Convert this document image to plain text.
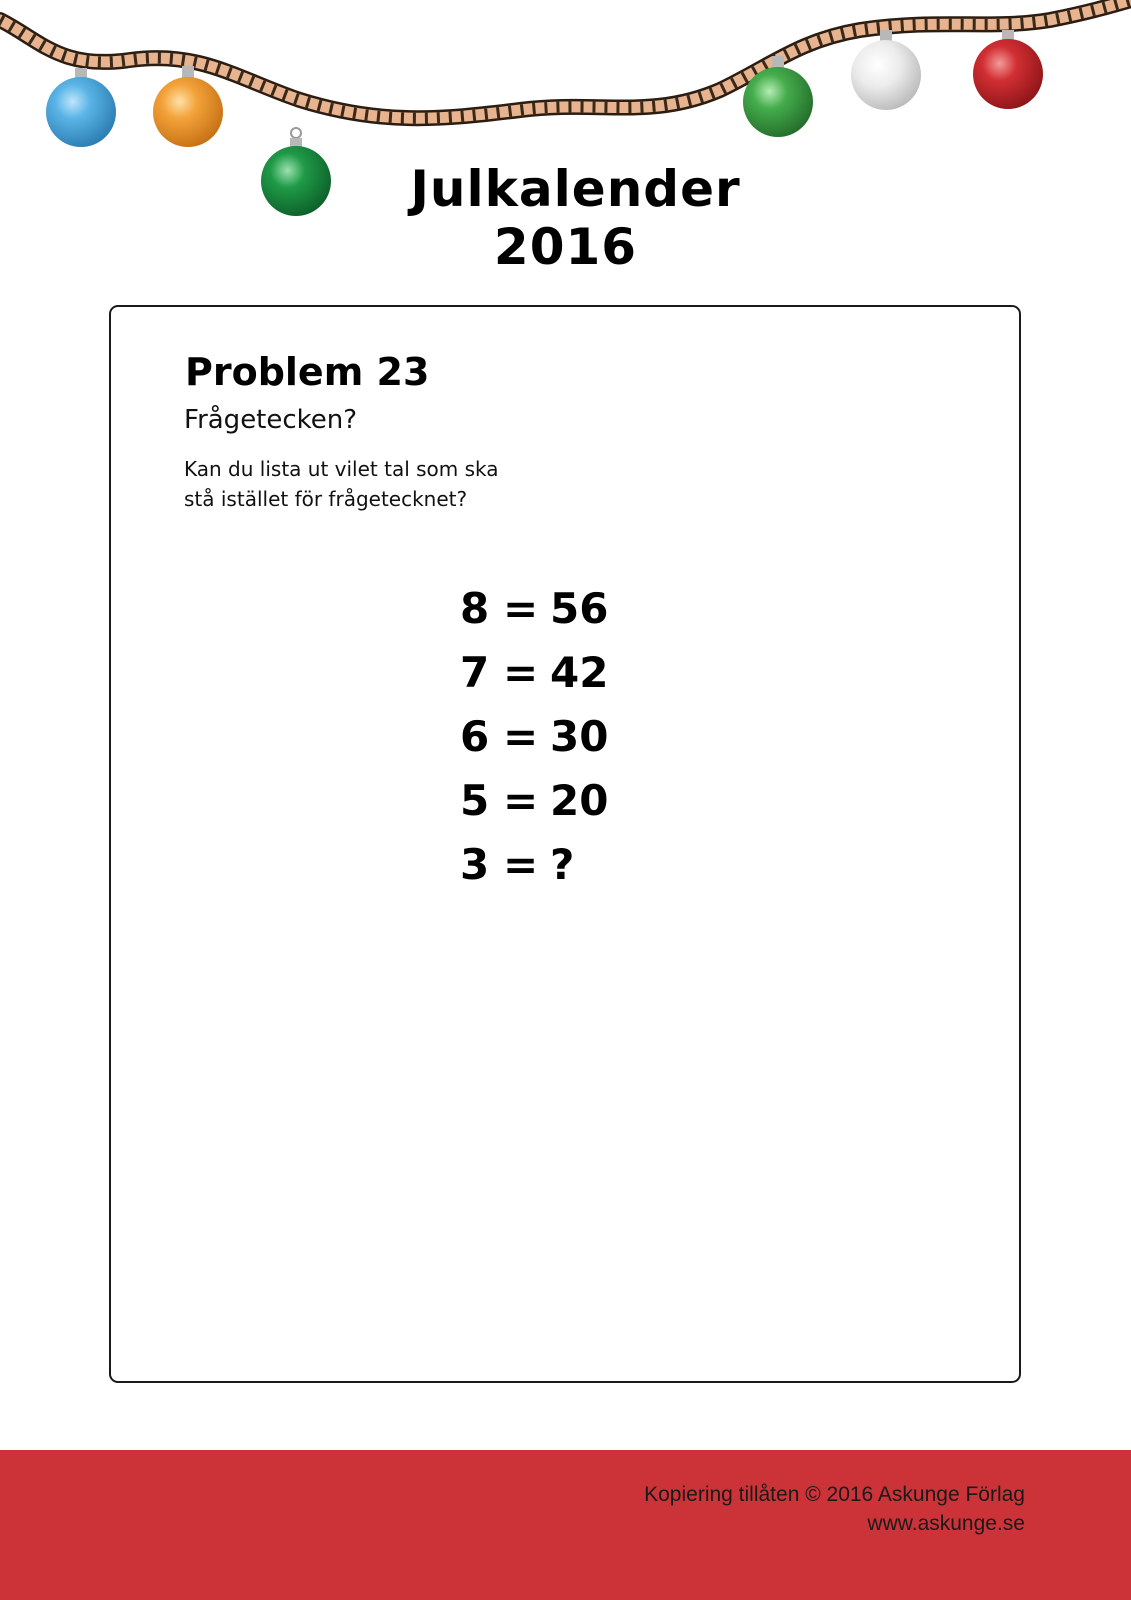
Julkalender
2016
Problem 23
Frågetecken?
Kan du lista ut vilet tal som ska
stå istället för frågetecknet?
8 = 56
7 = 42
6 = 30
5 = 20
3 = ?
Kopiering tillåten © 2016 Askunge Förlag
www.askunge.se
